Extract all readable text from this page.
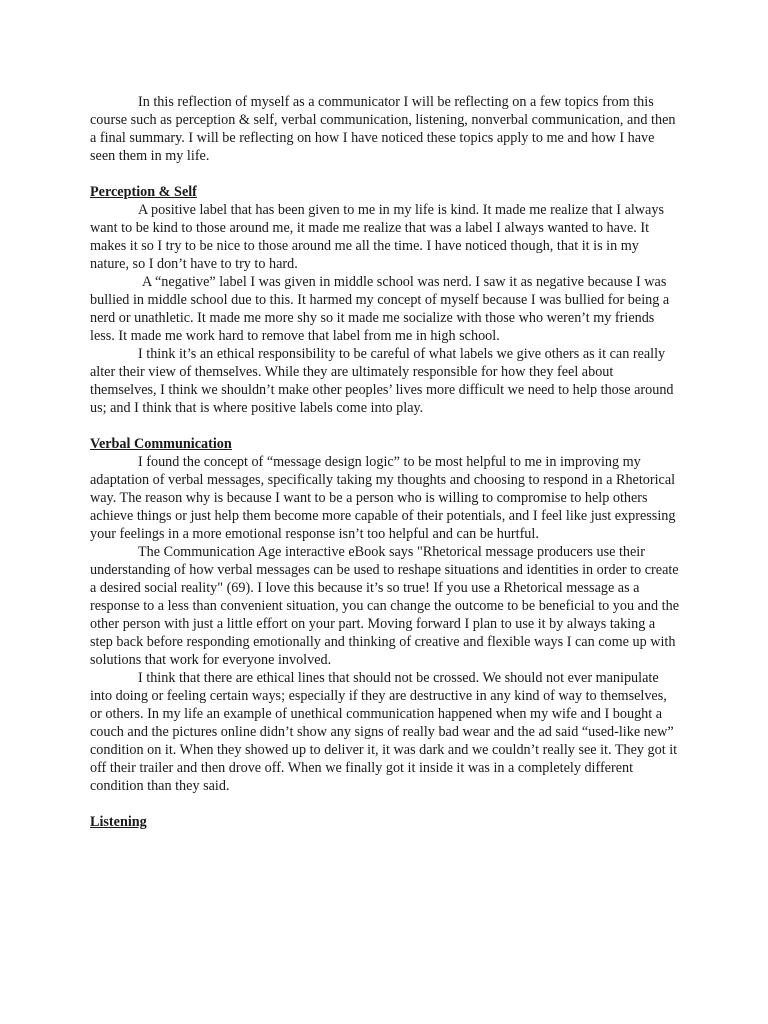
In this reflection of myself as a communicator I will be reflecting on a few topics from this course such as perception & self, verbal communication, listening, nonverbal communication, and then a final summary. I will be reflecting on how I have noticed these topics apply to me and how I have seen them in my life.

Perception & Self

A positive label that has been given to me in my life is kind. It made me realize that I always want to be kind to those around me, it made me realize that was a label I always wanted to have. It makes it so I try to be nice to those around me all the time. I have noticed though, that it is in my nature, so I don’t have to try to hard.

A “negative” label I was given in middle school was nerd. I saw it as negative because I was bullied in middle school due to this. It harmed my concept of myself because I was bullied for being a nerd or unathletic. It made me more shy so it made me socialize with those who weren’t my friends less. It made me work hard to remove that label from me in high school.

I think it’s an ethical responsibility to be careful of what labels we give others as it can really alter their view of themselves. While they are ultimately responsible for how they feel about themselves, I think we shouldn’t make other peoples’ lives more difficult we need to help those around us; and I think that is where positive labels come into play.

Verbal Communication

I found the concept of “message design logic” to be most helpful to me in improving my adaptation of verbal messages, specifically taking my thoughts and choosing to respond in a Rhetorical way. The reason why is because I want to be a person who is willing to compromise to help others achieve things or just help them become more capable of their potentials, and I feel like just expressing your feelings in a more emotional response isn’t too helpful and can be hurtful.

The Communication Age interactive eBook says "Rhetorical message producers use their understanding of how verbal messages can be used to reshape situations and identities in order to create a desired social reality" (69). I love this because it’s so true! If you use a Rhetorical message as a response to a less than convenient situation, you can change the outcome to be beneficial to you and the other person with just a little effort on your part. Moving forward I plan to use it by always taking a step back before responding emotionally and thinking of creative and flexible ways I can come up with solutions that work for everyone involved.

I think that there are ethical lines that should not be crossed. We should not ever manipulate into doing or feeling certain ways; especially if they are destructive in any kind of way to themselves, or others. In my life an example of unethical communication happened when my wife and I bought a couch and the pictures online didn’t show any signs of really bad wear and the ad said “used-like new” condition on it. When they showed up to deliver it, it was dark and we couldn’t really see it. They got it off their trailer and then drove off. When we finally got it inside it was in a completely different condition than they said.

Listening
